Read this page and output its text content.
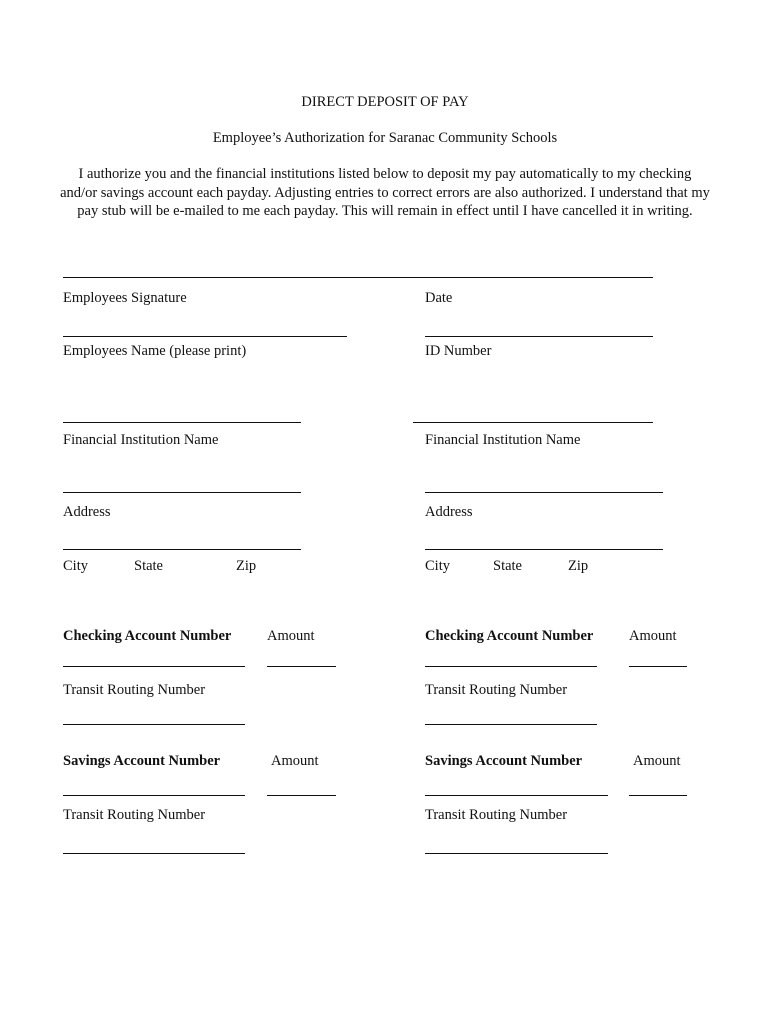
DIRECT DEPOSIT OF PAY
Employee’s Authorization for Saranac Community Schools
I authorize you and the financial institutions listed below to deposit my pay automatically to my checking and/or savings account each payday. Adjusting entries to correct errors are also authorized. I understand that my pay stub will be e-mailed to me each payday. This will remain in effect until I have cancelled it in writing.
Employees Signature	Date
Employees Name (please print)	ID Number
Financial Institution Name	Financial Institution Name
Address	Address
City	State	Zip	City	State	Zip
Checking Account Number Amount	Checking Account Number Amount
Transit Routing Number	Transit Routing Number
Savings Account Number	Amount	Savings Account Number	Amount
Transit Routing Number	Transit Routing Number
